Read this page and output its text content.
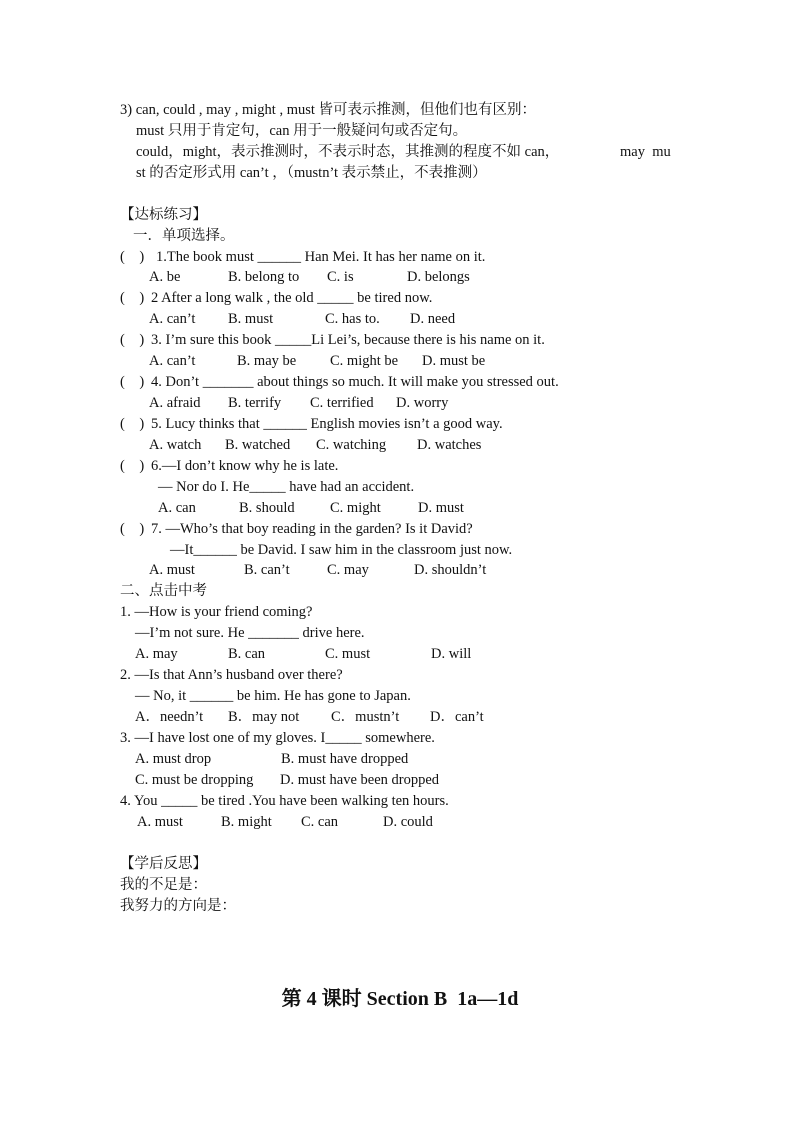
3) can, could , may , might , must 皆可表示推测，但他们也有区别：
must 只用于肯定句，can 用于一般疑问句或否定句。
could，might，表示推测时，不表示时态，其推测的程度不如 can，	may  mu
st 的否定形式用 can’t ，（mustn’t 表示禁止，不表推测）
【达标练习】
一．单项选择。
(    ) 1.The book must ______ Han Mei. It has her name on it.
A. be	B. belong to C. is	D. belongs
(    ) 2 After a long walk , the old _____ be tired now.
A. can’t B. must	C. has to. D. need
(    ) 3. I’m sure this book _____Li Lei’s, because there is his name on it.
A. can’t	B. may be C. might be D. must be
(    ) 4. Don’t _______ about things so much. It will make you stressed out.
A. afraid B. terrify C. terrified D. worry
(    ) 5. Lucy thinks that ______ English movies isn’t a good way.
A. watch B. watched C. watching D. watches
(    ) 6.—I don’t know why he is late.
— Nor do I. He_____ have had an accident.
A. can	B. should C. might	D. must
(    ) 7. —Who’s that boy reading in the garden? Is it David?
—It______ be David. I saw him in the classroom just now.
A. must	B. can’t	C. may	D. shouldn’t
二、点击中考
1. —How is your friend coming?
—I’m not sure. He _______ drive here.
A. may	B. can	C. must	D. will
2. —Is that Ann’s husband over there?
— No, it ______ be him. He has gone to Japan.
A．needn’t B．may not C．mustn’t D．can’t
3. —I have lost one of my gloves. I_____ somewhere.
A. must drop	B. must have dropped
C. must be dropping D. must have been dropped
4. You _____ be tired .You have been walking ten hours.
A. must	B. might C. can	D. could
【学后反思】
我的不足是：
我努力的方向是：
第 4 课时 Section B  1a—1d
